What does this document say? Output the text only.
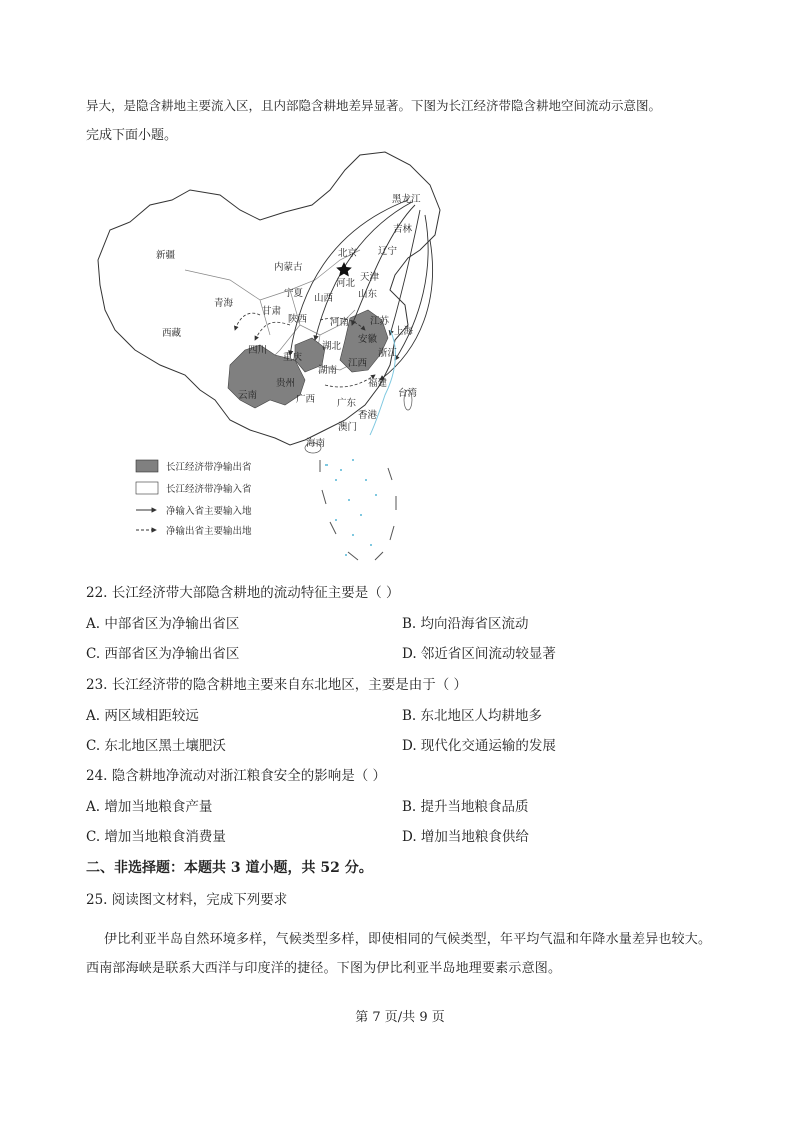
异大，是隐含耕地主要流入区，且内部隐含耕地差异显著。下图为长江经济带隐含耕地空间流动示意图。
完成下面小题。
黑龙江
吉林
辽宁
北京
天津
河北
山东
内蒙古
新疆
青海
西藏
甘肃
宁夏 山西
陕西 河南 江苏
上海
安徽
湖北
四川
重庆	浙江
贵州
湖南
江西
福建
云南	广西 广东
台湾
香港
澳门
海南
长江经济带净输出省
长江经济带净输入省
净输入省主要输入地
净输出省主要输出地
22. 长江经济带大部隐含耕地的流动特征主要是（ ）
A. 中部省区为净输出省区	B. 均向沿海省区流动
C. 西部省区为净输出省区	D. 邻近省区间流动较显著
23. 长江经济带的隐含耕地主要来自东北地区，主要是由于（ ）
A. 两区域相距较远	B. 东北地区人均耕地多
C. 东北地区黑土壤肥沃	D. 现代化交通运输的发展
24. 隐含耕地净流动对浙江粮食安全的影响是（ ）
A. 增加当地粮食产量	B. 提升当地粮食品质
C. 增加当地粮食消费量	D. 增加当地粮食供给
二、非选择题：本题共 3 道小题，共 52 分。
25. 阅读图文材料，完成下列要求
伊比利亚半岛自然环境多样，气候类型多样，即使相同的气候类型，年平均气温和年降水量差异也较大。
西南部海峡是联系大西洋与印度洋的捷径。下图为伊比利亚半岛地理要素示意图。
第 7 页/共 9 页
